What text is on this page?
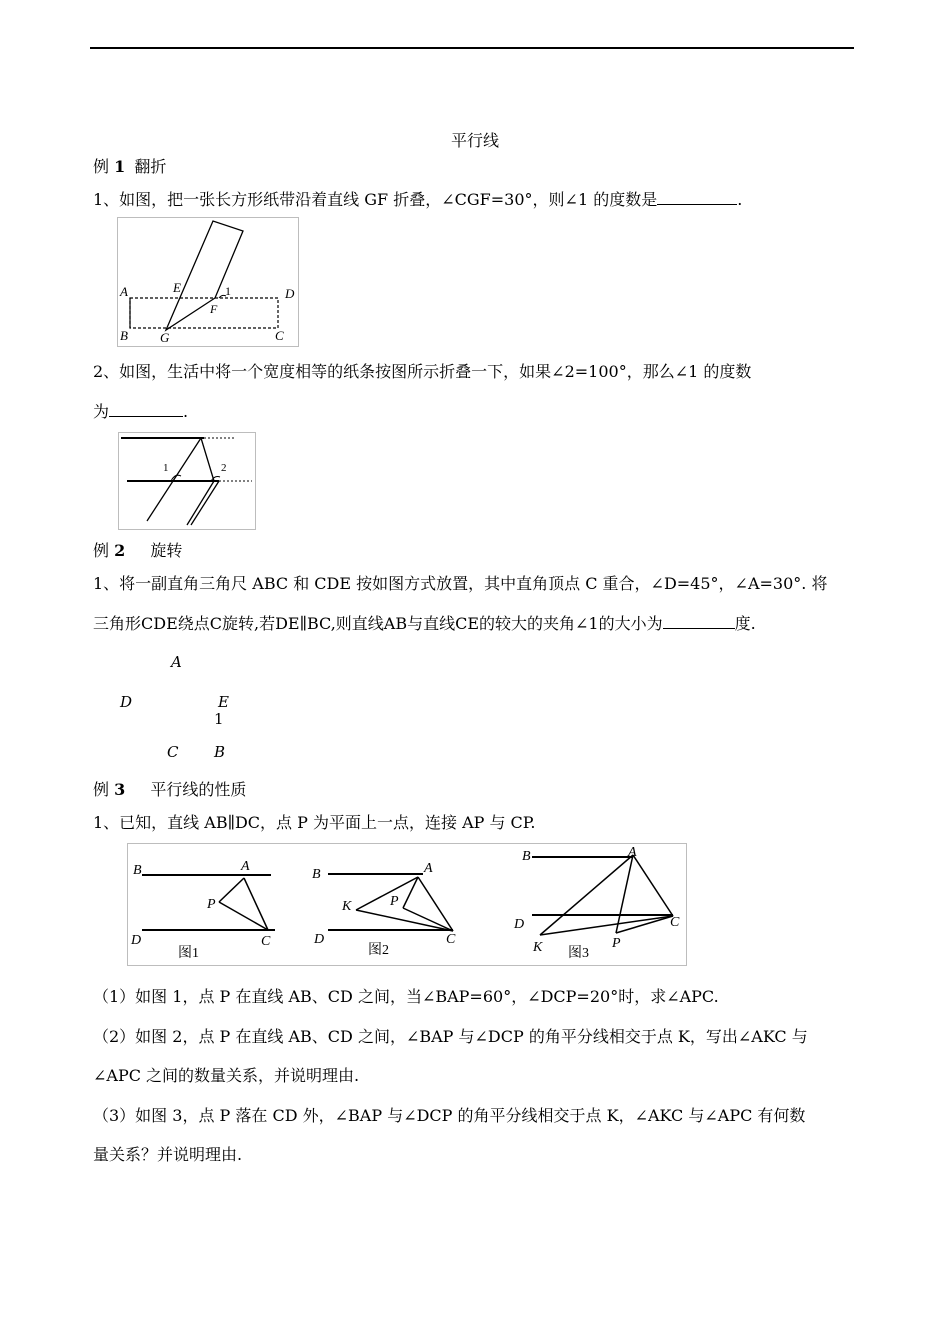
平行线
例 1 翻折
1、如图，把一张长方形纸带沿着直线 GF 折叠，∠CGF=30°，则∠1 的度数是	.
A
B	C
D
E
F
G
1
2、如图，生活中将一个宽度相等的纸条按图所示折叠一下，如果∠2=100°，那么∠1 的度数
为	.
1	2
例 2 旋转
1、将一副直角三角尺 ABC 和 CDE 按如图方式放置，其中直角顶点 C 重合，∠D=45°，∠A=30°. 将
三角形CDE绕点C旋转,若DE∥BC,则直线AB与直线CE的较大的夹角∠1的大小为	度.
A
D	E
1
C B
例 3 平行线的性质
1、已知，直线 AB∥DC，点 P 为平面上一点，连接 AP 与 CP.
B	A
P
D	C
图1
B	A
K	P
D	C
图2
B	A
D	C
K	P
图3
（1）如图 1，点 P 在直线 AB、CD 之间，当∠BAP=60°，∠DCP=20°时，求∠APC.
（2）如图 2，点 P 在直线 AB、CD 之间，∠BAP 与∠DCP 的角平分线相交于点 K，写出∠AKC 与
∠APC 之间的数量关系，并说明理由.
（3）如图 3，点 P 落在 CD 外，∠BAP 与∠DCP 的角平分线相交于点 K，∠AKC 与∠APC 有何数
量关系？并说明理由.
